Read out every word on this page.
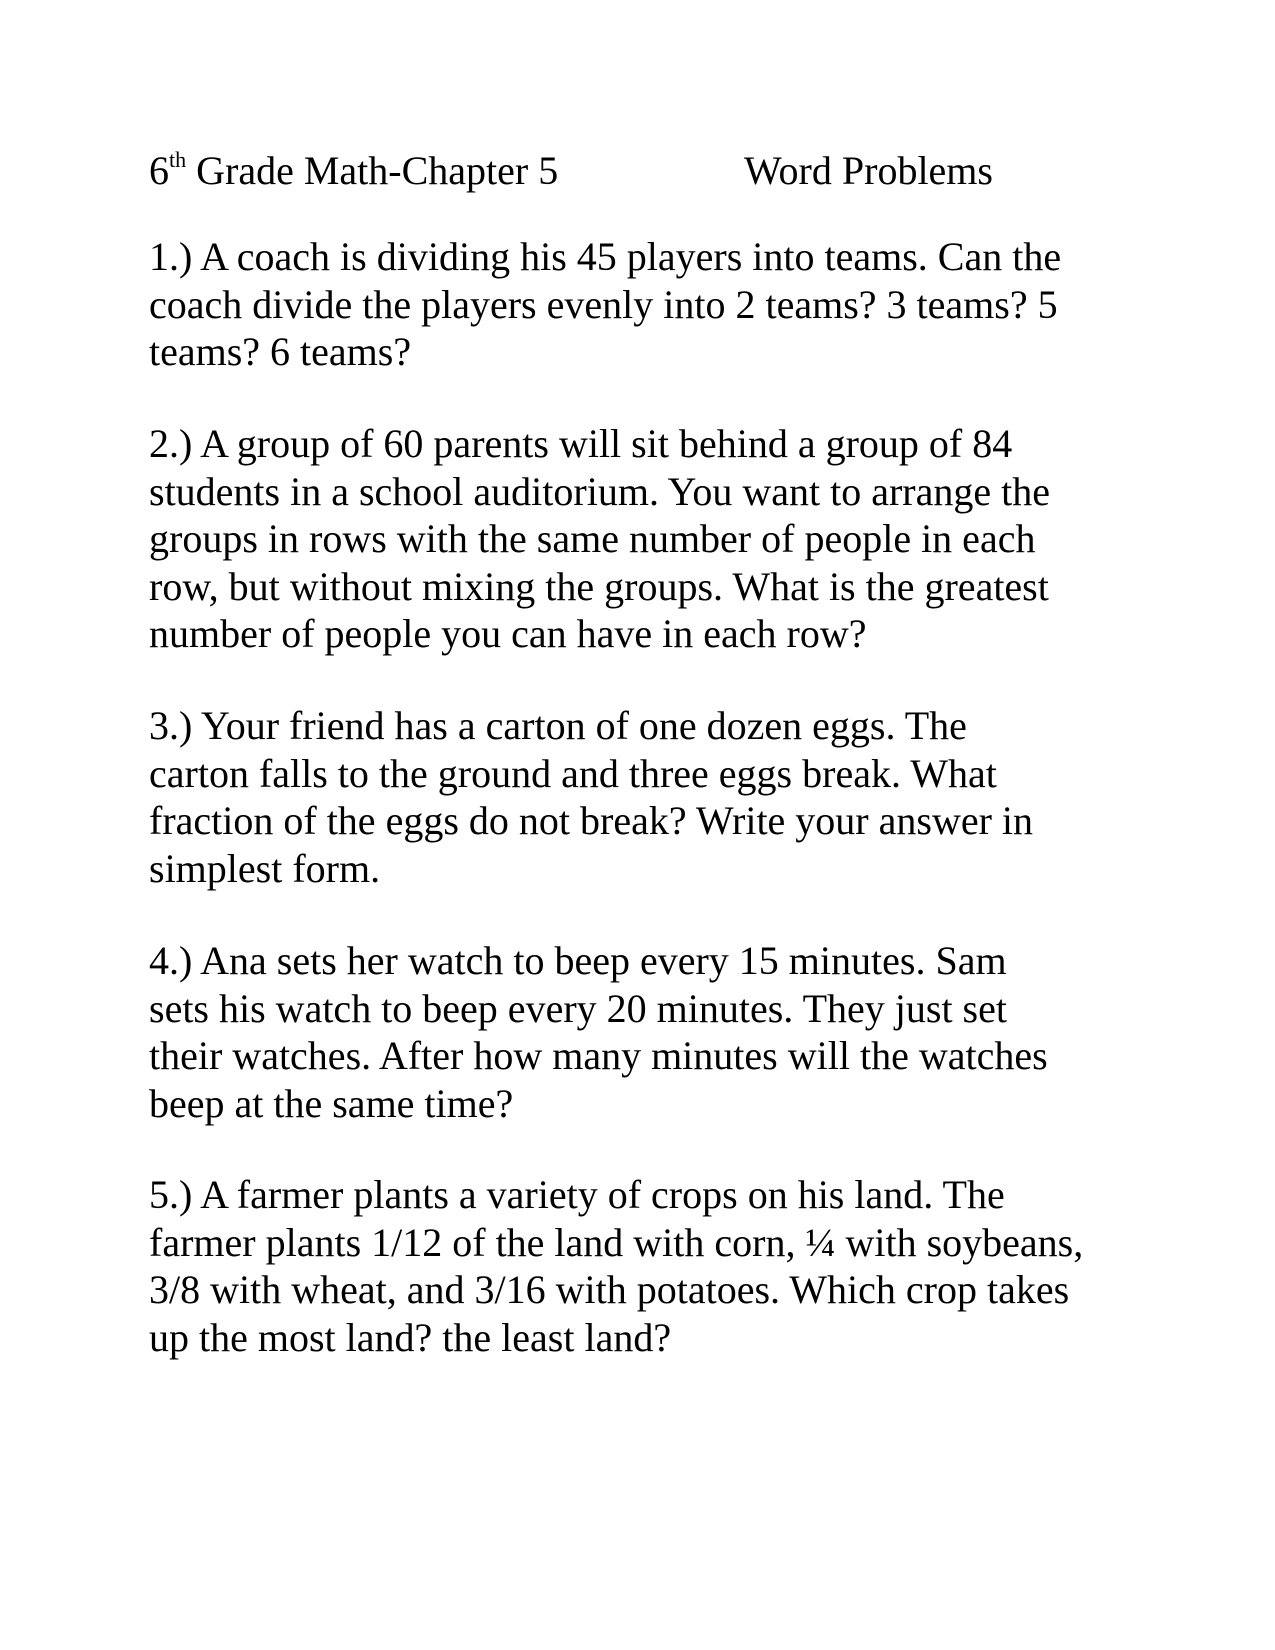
6th Grade Math-Chapter 5	Word Problems

1.) A coach is dividing his 45 players into teams. Can the
coach divide the players evenly into 2 teams? 3 teams? 5
teams? 6 teams?

2.) A group of 60 parents will sit behind a group of 84
students in a school auditorium. You want to arrange the
groups in rows with the same number of people in each
row, but without mixing the groups. What is the greatest
number of people you can have in each row?

3.) Your friend has a carton of one dozen eggs. The
carton falls to the ground and three eggs break. What
fraction of the eggs do not break? Write your answer in
simplest form.

4.) Ana sets her watch to beep every 15 minutes. Sam
sets his watch to beep every 20 minutes. They just set
their watches. After how many minutes will the watches
beep at the same time?

5.) A farmer plants a variety of crops on his land. The
farmer plants 1/12 of the land with corn, ¼ with soybeans,
3/8 with wheat, and 3/16 with potatoes. Which crop takes
up the most land? the least land?
